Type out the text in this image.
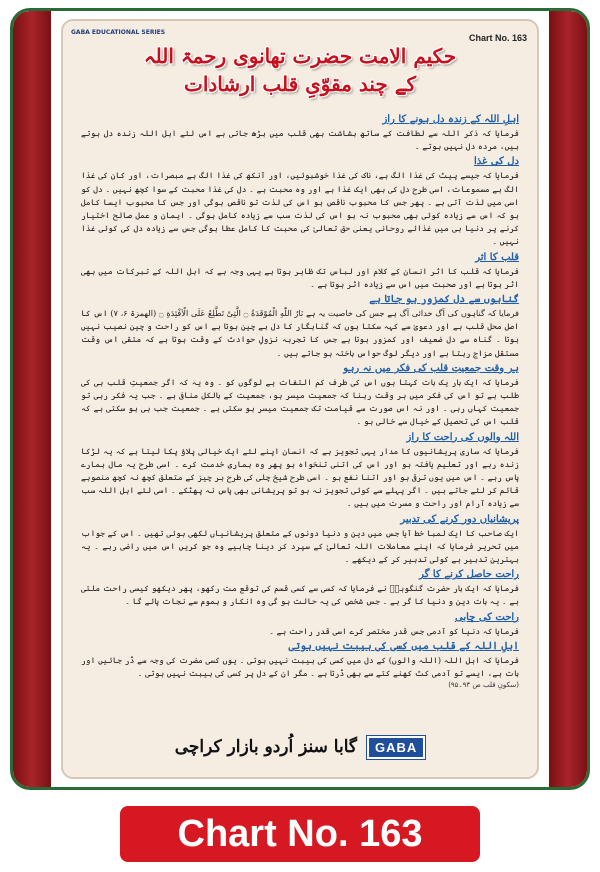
GABA EDUCATIONAL SERIES
Chart No. 163
حکیم الامت حضرت تھانوی رحمۃ اللہ
کے چند مقوّیِ قلب ارشادات
اہلِ اللہ کے زندہ دل ہونے کا راز
فرمایا کہ ذکر اللہ سے لطافت کے ساتھ بشاشت بھی قلب میں بڑھ جاتی ہے اس لئے اہل اللہ زندہ دل ہوتے ہیں، مردہ دل نہیں ہوتے ۔
دل کی غذا
فرمایا کہ جیسے پیٹ کی غذا الگ ہے، ناک کی غذا خوشبوئیں، اور آنکھ کی غذا الگ ہے مبصرات، اور کان کی غذا الگ ہے مسموعات، اسی طرح دل کی بھی ایک غذا ہے اور وہ محبت ہے ۔ دل کی غذا محبت کے سوا کچھ نہیں ۔ دل کو اسی میں لذت آتی ہے ۔ پھر جس کا محبوب ناقص ہو اس کی لذت تو ناقص ہوگی اور جس کا محبوب ایسا کامل ہو کہ اس سے زیادہ کوئی بھی محبوب نہ ہو اس کی لذت سب سے زیادہ کامل ہوگی ۔ ایمان و عمل صالح اختیار کرنے پر دنیا ہی میں غذائے روحانی یعنی حق تعالیٰ کی محبت کا کامل عطا ہوگی جس سے زیادہ دل کی کوئی غذا نہیں ۔
قلب کا اثر
فرمایا کہ قلب کا اثر انسان کے کلام اور لباس تک ظاہر ہوتا ہے یہی وجہ ہے کہ اہل اللہ کے تبرکات میں بھی اثر ہوتا ہے اور صحبت میں اس سے زیادہ اثر ہوتا ہے ۔
گناہوں سے دل کمزور ہو جاتا ہے
فرمایا کہ گناہوں کی آگ خدائی آگ ہے جس کی خاصیت یہ ہے نَارُ اللّٰهِ الْمُوْقَدَةُ ۝ الَّتِیْ تَطَّلِعُ عَلَی الْاَفْئِدَةِ ۝ (الھمزۃ ۶، ۷) اس کا اصل محل قلب ہے اور دعویٰ سے کہہ سکتا ہوں کہ گناہگار کا دل بے چین ہوتا ہے اس کو راحت و چین نصیب نہیں ہوتا ۔ گناہ سے دل ضعیف اور کمزور ہوتا ہے جس کا تجربہ نزولِ حوادث کے وقت ہوتا ہے کہ متقی اس وقت مستقل مزاج رہتا ہے اور دیگر لوگ حواس باختہ ہو جاتے ہیں ۔
ہر وقت جمعیتِ قلب کی فکر میں نہ رہو
فرمایا کہ ایک بار یک بات کہتا ہوں اس کی طرف کم التفات ہے لوگوں کو ۔ وہ یہ کہ اگر جمعیتِ قلب ہی کی طلب ہے تو اس کی فکر میں ہر وقت رہنا کہ جمعیت میسر ہو، جمعیت کے بالکل منافی ہے ۔ جب یہ فکر رہی تو جمعیت کہاں رہی ۔ اور نہ اس صورت سے قیامت تک جمعیت میسر ہو سکتی ہے ۔ جمعیت جب ہی ہو سکتی ہے کہ قلب اس کی تحصیل کے خیال سے خالی ہو ۔
اللہ والوں کی راحت کا راز
فرمایا کہ ساری پریشانیوں کا مدار یہی تجویز ہے کہ انسان اپنے لئے ایک خیالی پلاؤ پکا لیتا ہے کہ یہ لڑکا زندہ رہے اور تعلیم یافتہ ہو اور اس کی اتنی تنخواہ ہو پھر وہ ہماری خدمت کرے ۔ اسی طرح یہ مال ہمارے پاس رہے ۔ اس میں یوں ترقی ہو اور اتنا نفع ہو ۔ اسی طرح شیخ چلی کی طرح ہر چیز کے متعلق کچھ نہ کچھ منصوبے قائم کر لئے جاتے ہیں ۔ اگر پہلے سے کوئی تجویز نہ ہو تو پریشانی بھی پاس نہ پھٹکے ۔ اسی لئے اہل اللہ سب سے زیادہ آرام اور راحت و مسرت میں ہیں ۔
پریشانیاں دور کرنے کی تدبیر
ایک صاحب کا ایک لمبا خط آیا جس میں دین و دنیا دونوں کے متعلق پریشانیاں لکھی ہوئی تھیں ۔ اس کے جواب میں تحریر فرمایا کہ اپنے معاملات اللہ تعالیٰ کے سپرد کر دینا چاہیے وہ جو کریں اس میں راضی رہے ۔ یہ بہترین تدبیر ہے کوئی تدبیر کر کے دیکھے ۔
راحت حاصل کرنے کا گر
فرمایا کہ ایک بار حضرت گنگوہیؒ نے فرمایا کہ کسی سے کسی قسم کی توقع مت رکھو، پھر دیکھو کیسی راحت ملتی ہے ۔ یہ بات دین و دنیا کا گر ہے ۔ جس شخص کی یہ حالت ہو گی وہ انکار و ہموم سے نجات پائے گا ۔
راحت کی چابی
فرمایا کہ دنیا کو آدمی جس قدر مختصر کرے اسی قدر راحت ہے ۔
اہلِ اللہ کے قلب میں کسی کی ہیبت نہیں ہوتی
فرمایا کہ اہل اللہ (اللہ والوں) کے دل میں کسی کی ہیبت نہیں ہوتی ۔ یوں کسی مضرت کی وجہ سے ڈر جائیں اور بات ہے، ایسے تو آدمی کٹ کھنے کتے سے بھی ڈرتا ہے ۔ مگر ان کے دل پر کسی کی ہیبت نہیں ہوتی ۔
(سکونِ قلب ص ۹۳۔۹۵)
گابا سنز اُردو بازار کراچی	GABA
Chart No. 163
